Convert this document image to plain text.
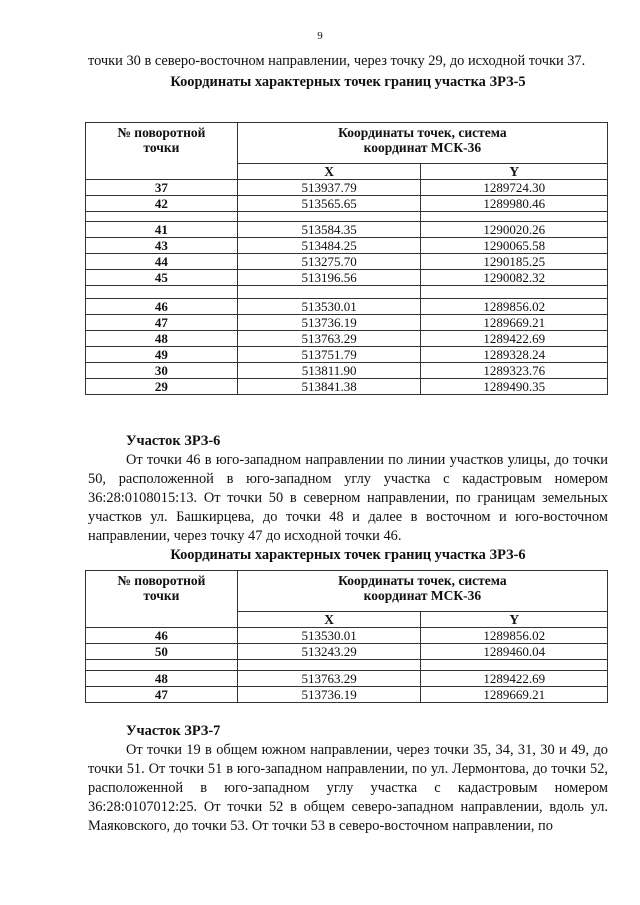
9

точки 30 в северо-восточном направлении, через точку 29, до исходной точки 37.

Координаты характерных точек границ участка ЗРЗ-5
№ поворотной точки	Координаты точек, система координат МСК-36	

	X	Y
37	513937.79	1289724.30
42	513565.65	1289980.46

41	513584.35	1290020.26
43	513484.25	1290065.58
44	513275.70	1290185.25
45	513196.56	1290082.32

46	513530.01	1289856.02
47	513736.19	1289669.21
48	513763.29	1289422.69
49	513751.79	1289328.24
30	513811.90	1289323.76
29	513841.38	1289490.35
Участок ЗРЗ-6

От точки 46 в юго-западном направлении по линии участков улицы, до точки 50, расположенной в юго-западном углу участка с кадастровым номером 36:28:0108015:13. От точки 50 в северном направлении, по границам земельных участков ул. Башкирцева, до точки 48 и далее в восточном и юго-восточном направлении, через точку 47 до исходной точки 46.

Координаты характерных точек границ участка ЗРЗ-6
№ поворотной точки	Координаты точек, система координат МСК-36	

	X	Y
46	513530.01	1289856.02
50	513243.29	1289460.04

48	513763.29	1289422.69
47	513736.19	1289669.21
Участок ЗРЗ-7

От точки 19 в общем южном направлении, через точки 35, 34, 31, 30 и 49, до точки 51. От точки 51 в юго-западном направлении, по ул. Лермонтова, до точки 52, расположенной в юго-западном углу участка с кадастровым номером 36:28:0107012:25. От точки 52 в общем северо-западном направлении, вдоль ул. Маяковского, до точки 53. От точки 53 в северо-восточном направлении, по
